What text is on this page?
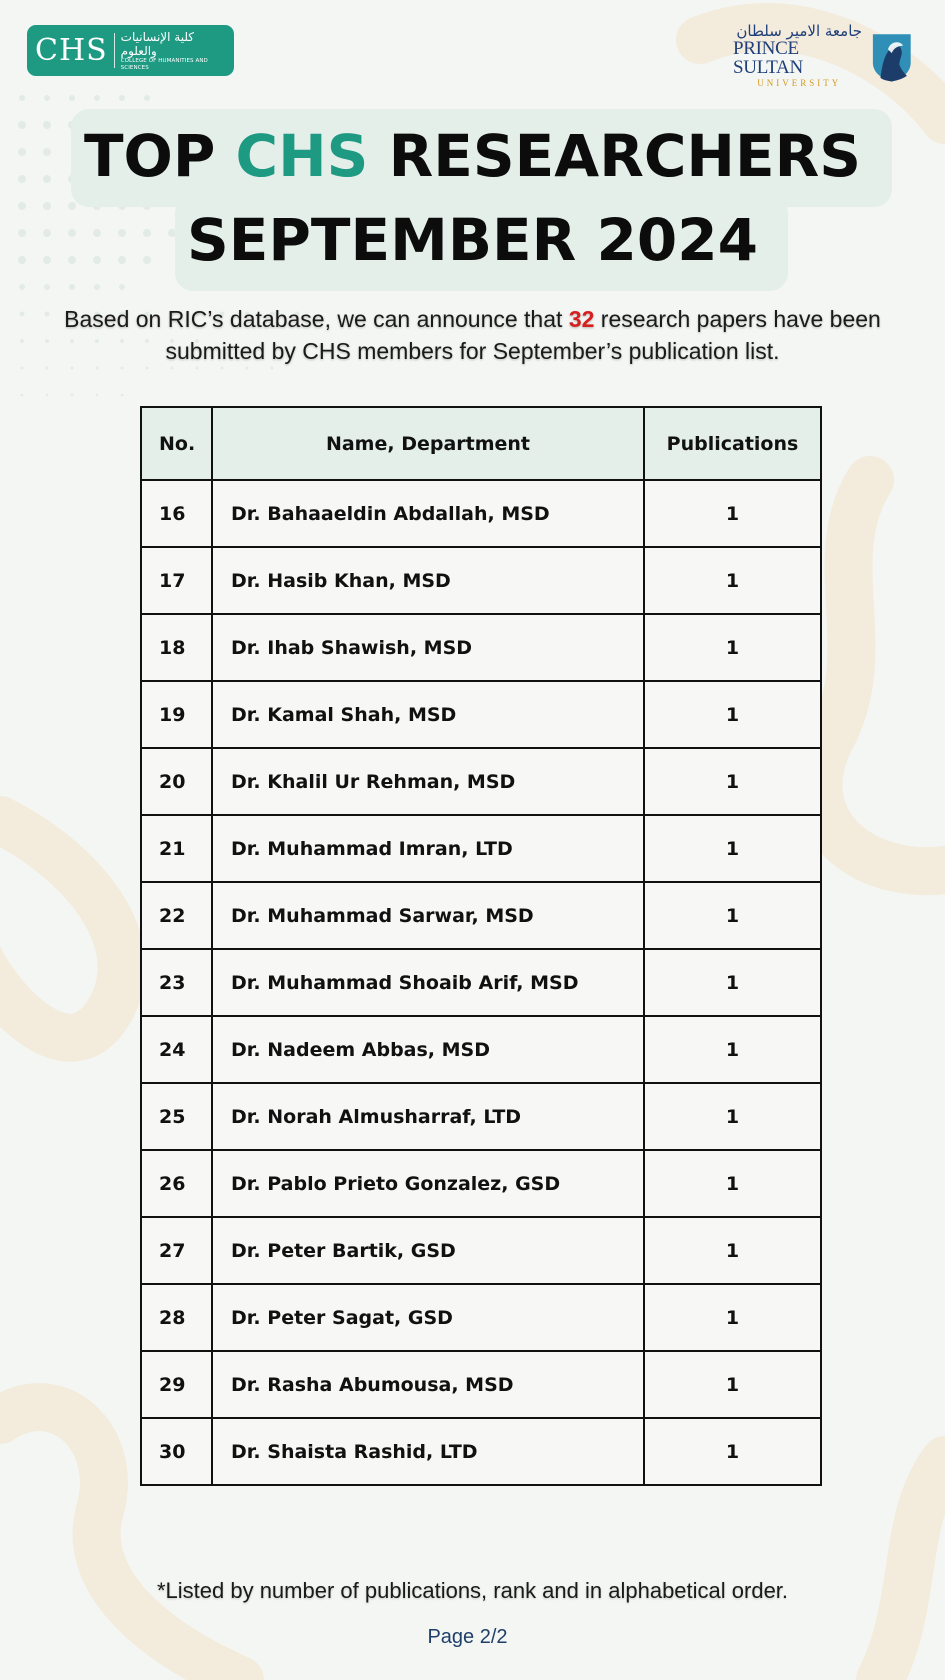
CHS	كلية الإنسانيات والعلوم
COLLEGE OF HUMANITIES AND SCIENCES
جامعة الامير سلطان
PRINCE SULTAN
UNIVERSITY
TOP CHS RESEARCHERS
SEPTEMBER 2024
Based on RIC’s database, we can announce that 32 research papers have been submitted by CHS members for September’s publication list.
No.	Name, Department	Publications
16	Dr. Bahaaeldin Abdallah, MSD	1
17	Dr. Hasib Khan, MSD	1
18	Dr. Ihab Shawish, MSD	1
19	Dr. Kamal Shah, MSD	1
20	Dr. Khalil Ur Rehman, MSD	1
21	Dr. Muhammad Imran, LTD	1
22	Dr. Muhammad Sarwar, MSD	1
23	Dr. Muhammad Shoaib Arif, MSD	1
24	Dr. Nadeem Abbas, MSD	1
25	Dr. Norah Almusharraf, LTD	1
26	Dr. Pablo Prieto Gonzalez, GSD	1
27	Dr. Peter Bartik, GSD	1
28	Dr. Peter Sagat, GSD	1
29	Dr. Rasha Abumousa, MSD	1
30	Dr. Shaista Rashid, LTD	1
*Listed by number of publications, rank and in alphabetical order.
Page 2/2
